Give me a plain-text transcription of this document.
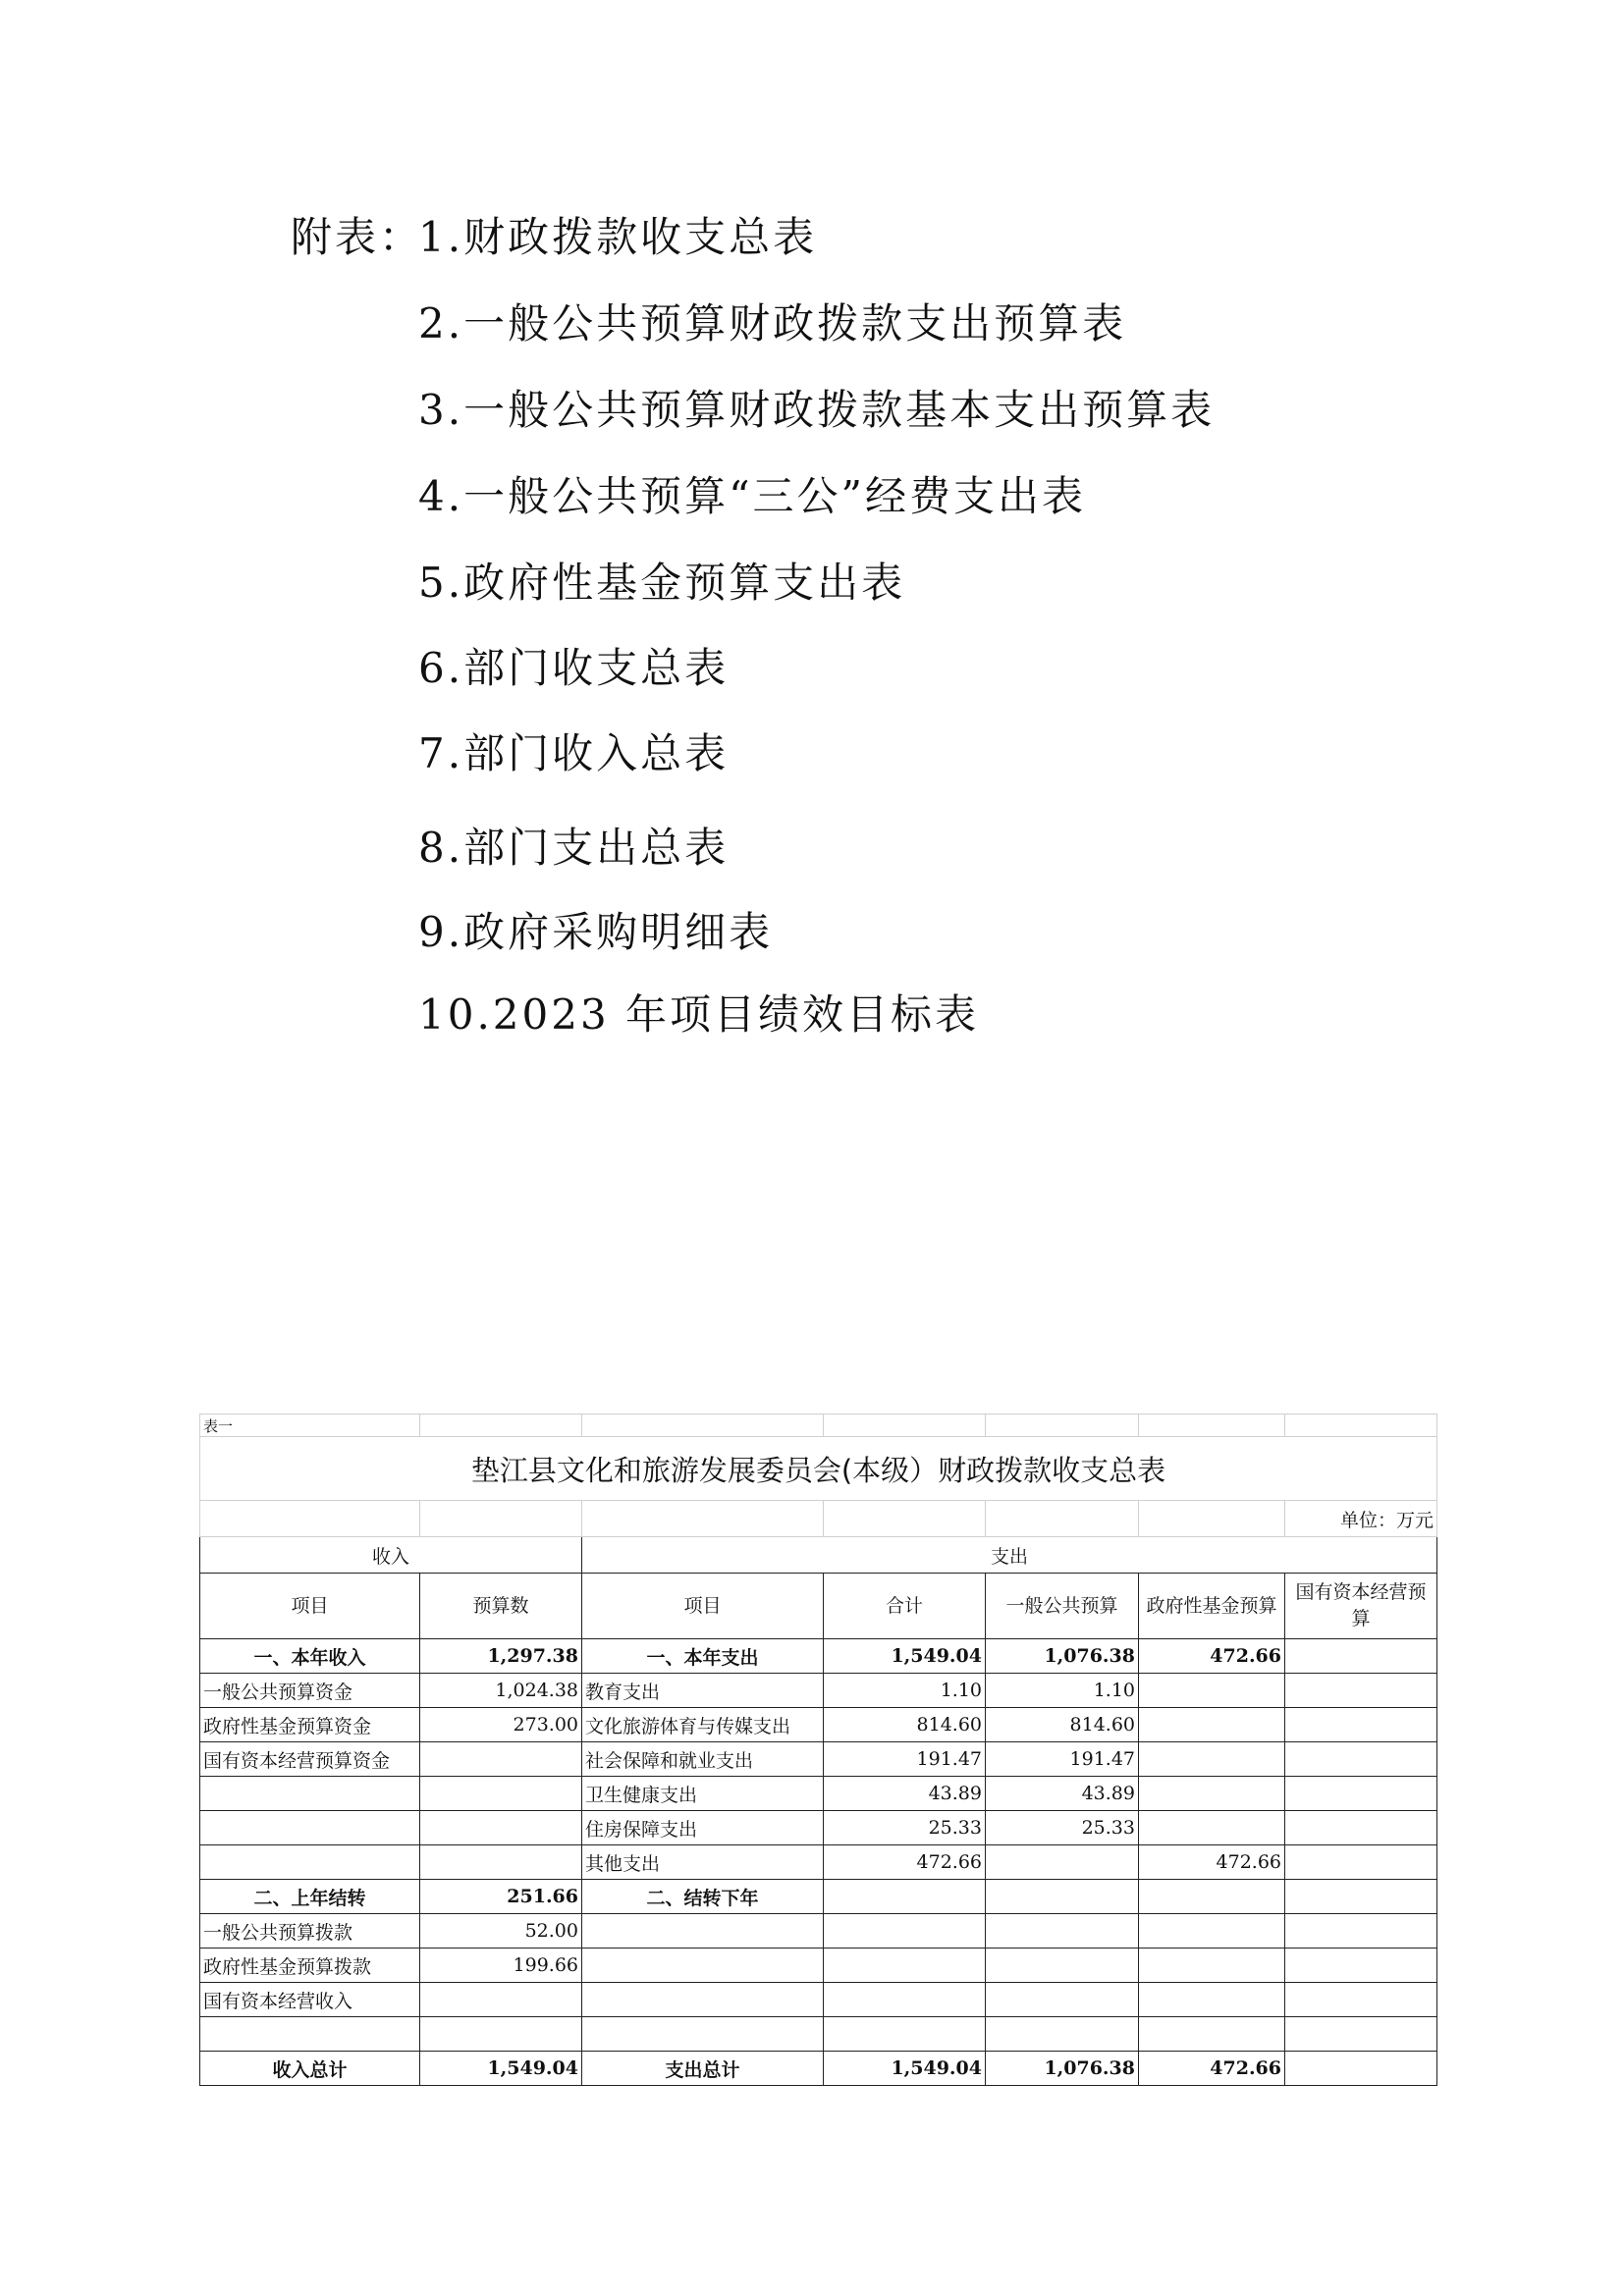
附表：
1.财政拨款收支总表
2.一般公共预算财政拨款支出预算表
3.一般公共预算财政拨款基本支出预算表
4.一般公共预算“三公”经费支出表
5.政府性基金预算支出表
6.部门收支总表
7.部门收入总表
8.部门支出总表
9.政府采购明细表
10.2023 年项目绩效目标表
表一						
垫江县文化和旅游发展委员会(本级）财政拨款收支总表						
						单位：万元
收入		支出				
项目	预算数	项目	合计	一般公共预算	政府性基金预算	国有资本经营预算
一、本年收入	1,297.38	一、本年支出	1,549.04	1,076.38	472.66	
一般公共预算资金	1,024.38	教育支出	1.10	1.10		
政府性基金预算资金	273.00	文化旅游体育与传媒支出	814.60	814.60		
国有资本经营预算资金		社会保障和就业支出	191.47	191.47		
		卫生健康支出	43.89	43.89		
		住房保障支出	25.33	25.33		
		其他支出	472.66		472.66	
二、上年结转	251.66	二、结转下年				
一般公共预算拨款	52.00					
政府性基金预算拨款	199.66					
国有资本经营收入						

收入总计	1,549.04	支出总计	1,549.04	1,076.38	472.66	
